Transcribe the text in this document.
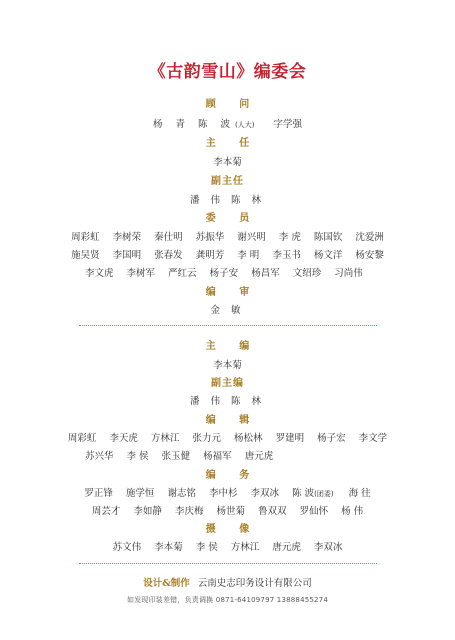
《古韵雪山》编委会
顾 问
杨 青 陈 波(人大) 字学强
主 任
李本菊
副主任
潘 伟 陈 林
委 员
周彩虹 李树荣 秦仕明 苏振华 谢兴明 李 虎 陈国钦 沈爱洲
施吴贤 李国明 张春发 龚明芳 李 明 李玉书 杨文洋 杨安黎
李文虎 李树军 严红云 杨子安 杨昌军 文绍珍 习尚伟
编 审
金 敏
主 编
李本菊
副主编
潘 伟 陈 林
编 辑
周彩虹 李天虎 方林江 张力元 杨松林 罗建明 杨子宏 李文学
苏兴华 李 侯 张玉健 杨福军 唐元虎
编 务
罗正锋 施学恒 谢志铭 李中杉 李双冰 陈 波(团委) 海 往
周芸才 李如静 李庆梅 杨世菊 鲁双双 罗仙怀 杨 伟
摄 像
苏文伟 李本菊 李 侯 方林江 唐元虎 李双冰
设计&制作 云南史志印务设计有限公司
如发现印装差错，负责调换 0871-64109797 13888455274
